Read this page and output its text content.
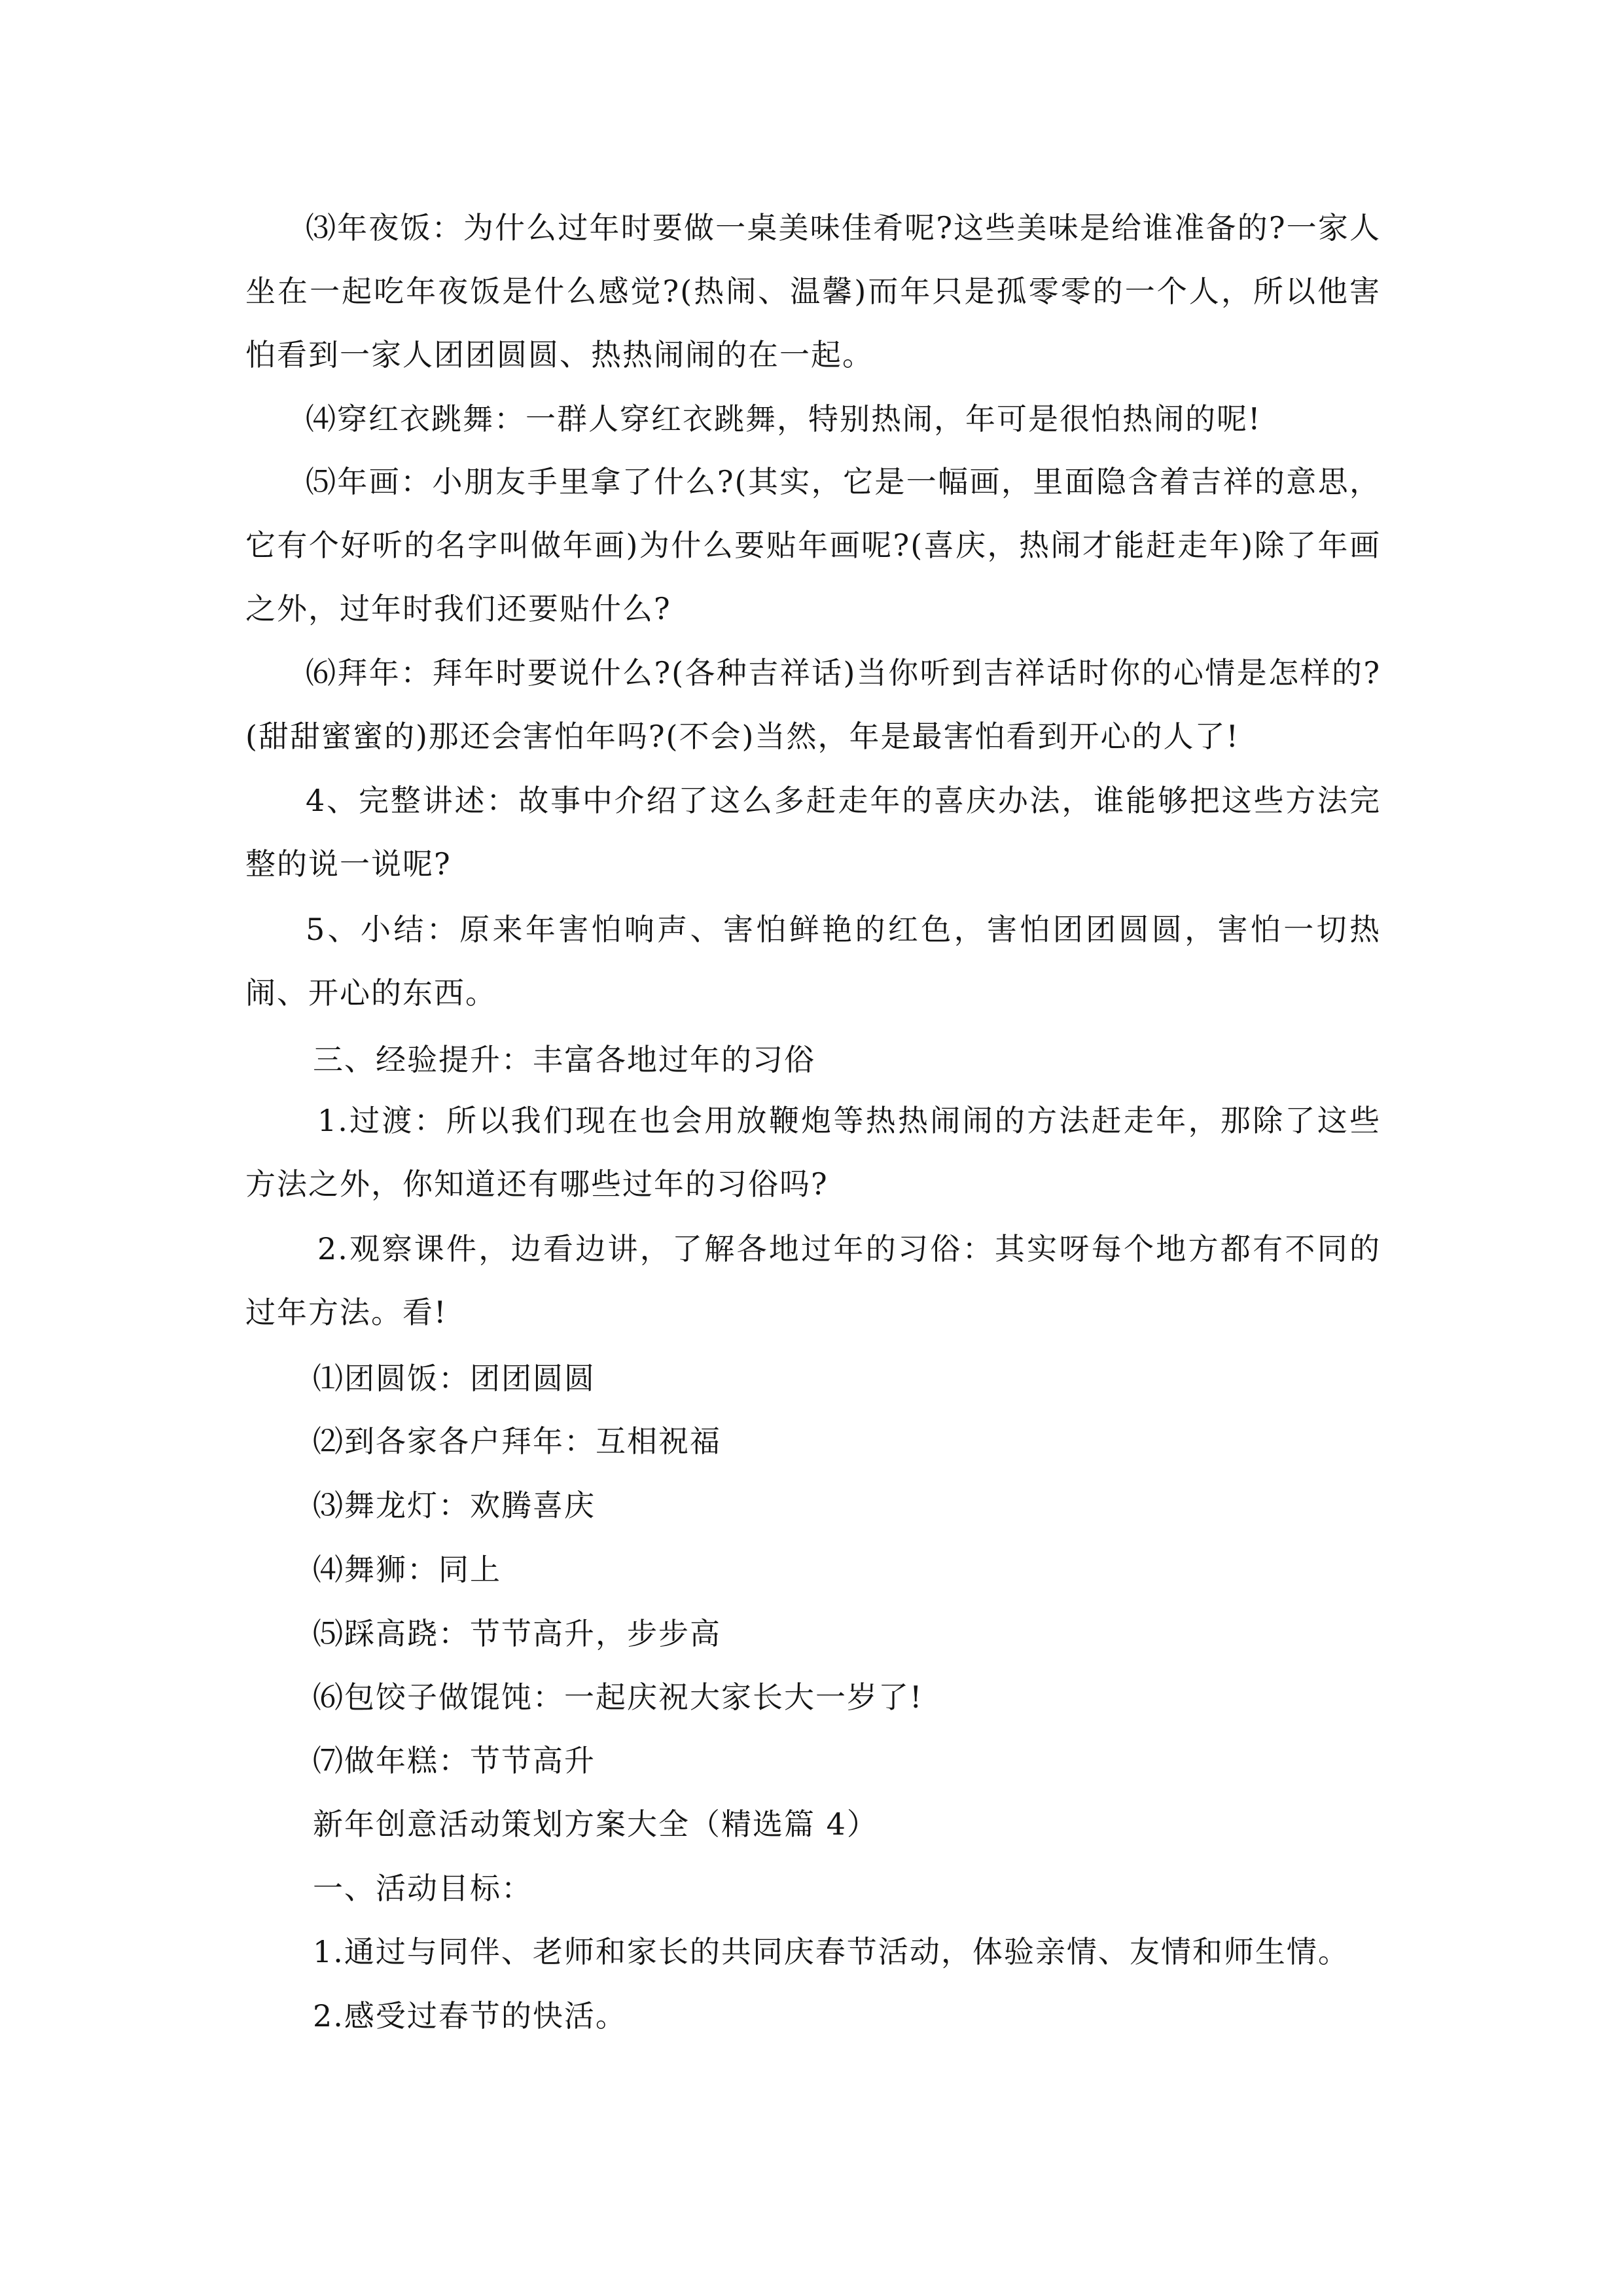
⑶年夜饭：为什么过年时要做一桌美味佳肴呢?这些美味是给谁准备的?一家人坐在一起吃年夜饭是什么感觉?(热闹、温馨)而年只是孤零零的一个人，所以他害怕看到一家人团团圆圆、热热闹闹的在一起。

⑷穿红衣跳舞：一群人穿红衣跳舞，特别热闹，年可是很怕热闹的呢!

⑸年画：小朋友手里拿了什么?(其实，它是一幅画，里面隐含着吉祥的意思，它有个好听的名字叫做年画)为什么要贴年画呢?(喜庆，热闹才能赶走年)除了年画之外，过年时我们还要贴什么?

⑹拜年：拜年时要说什么?(各种吉祥话)当你听到吉祥话时你的心情是怎样的?(甜甜蜜蜜的)那还会害怕年吗?(不会)当然，年是最害怕看到开心的人了!

4、完整讲述：故事中介绍了这么多赶走年的喜庆办法，谁能够把这些方法完整的说一说呢?

5、小结：原来年害怕响声、害怕鲜艳的红色，害怕团团圆圆，害怕一切热闹、开心的东西。

三、经验提升：丰富各地过年的习俗

1.过渡：所以我们现在也会用放鞭炮等热热闹闹的方法赶走年，那除了这些方法之外，你知道还有哪些过年的习俗吗?

2.观察课件，边看边讲，了解各地过年的习俗：其实呀每个地方都有不同的过年方法。看!

⑴团圆饭：团团圆圆
⑵到各家各户拜年：互相祝福
⑶舞龙灯：欢腾喜庆
⑷舞狮：同上
⑸踩高跷：节节高升，步步高
⑹包饺子做馄饨：一起庆祝大家长大一岁了!
⑺做年糕：节节高升
新年创意活动策划方案大全（精选篇 4）
一、活动目标：
1.通过与同伴、老师和家长的共同庆春节活动，体验亲情、友情和师生情。
2.感受过春节的快活。
